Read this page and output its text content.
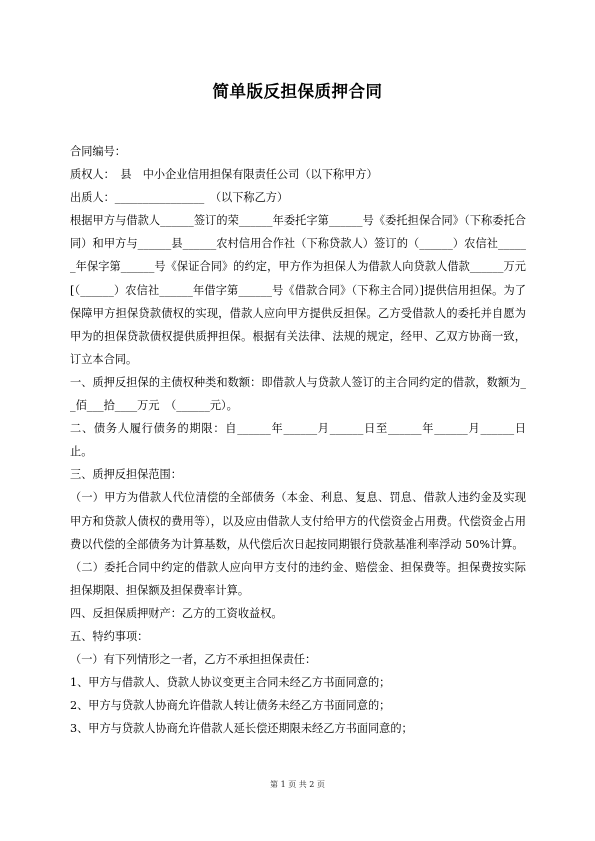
简单版反担保质押合同

合同编号：

质权人：　县　中小企业信用担保有限责任公司（以下称甲方）

出质人：________________　（以下称乙方）

根据甲方与借款人______签订的荣______年委托字第______号《委托担保合同》（下称委托合同）和甲方与______县______农村信用合作社（下称贷款人）签订的（______）农信社______年保字第______号《保证合同》的约定，甲方作为担保人为借款人向贷款人借款______万元[（______）农信社______年借字第______号《借款合同》（下称主合同）]提供信用担保。为了保障甲方担保贷款债权的实现，借款人应向甲方提供反担保。乙方受借款人的委托并自愿为甲为的担保贷款债权提供质押担保。根据有关法律、法规的规定，经甲、乙双方协商一致，订立本合同。

一、质押反担保的主债权种类和数额：即借款人与贷款人签订的主合同约定的借款，数额为__佰___拾____万元　（______元）。

二、债务人履行债务的期限：自______年______月______日至______年______月______日止。

三、质押反担保范围：

（一）甲方为借款人代位清偿的全部债务（本金、利息、复息、罚息、借款人违约金及实现甲方和贷款人债权的费用等），以及应由借款人支付给甲方的代偿资金占用费。代偿资金占用费以代偿的全部债务为计算基数，从代偿后次日起按同期银行贷款基准利率浮动 50%计算。

（二）委托合同中约定的借款人应向甲方支付的违约金、赔偿金、担保费等。担保费按实际担保期限、担保额及担保费率计算。

四、反担保质押财产：乙方的工资收益权。

五、特约事项：

（一）有下列情形之一者，乙方不承担担保责任：

1、甲方与借款人、贷款人协议变更主合同未经乙方书面同意的；

2、甲方与贷款人协商允许借款人转让债务未经乙方书面同意的；

3、甲方与贷款人协商允许借款人延长偿还期限未经乙方书面同意的；

第 1 页 共 2 页
